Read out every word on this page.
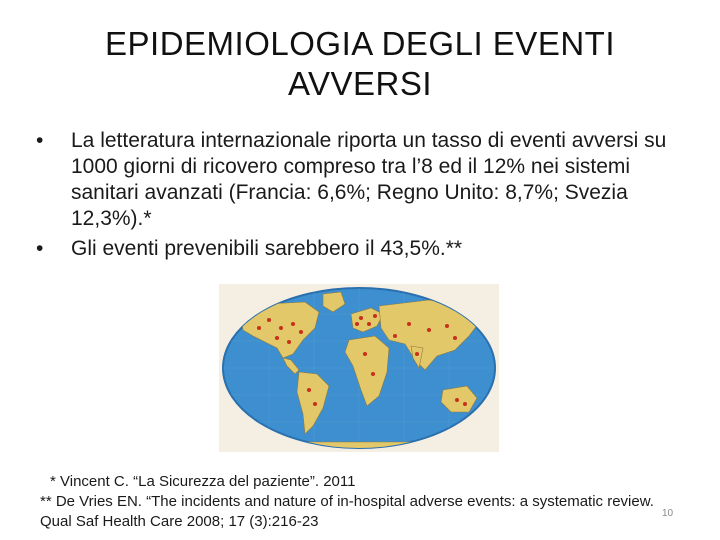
EPIDEMIOLOGIA DEGLI EVENTI
AVVERSI
•	La letteratura internazionale riporta un tasso di eventi avversi su 1000 giorni di ricovero compreso tra l’8 ed il 12% nei sistemi sanitari avanzati (Francia: 6,6%; Regno Unito: 8,7%; Svezia 12,3%).*
•	Gli eventi prevenibili sarebbero il 43,5%.**
* Vincent C. “La Sicurezza del paziente”. 2011
** De Vries EN. “The incidents and nature of in-hospital adverse events: a systematic review. Qual Saf Health Care 2008; 17 (3):216-23	10
